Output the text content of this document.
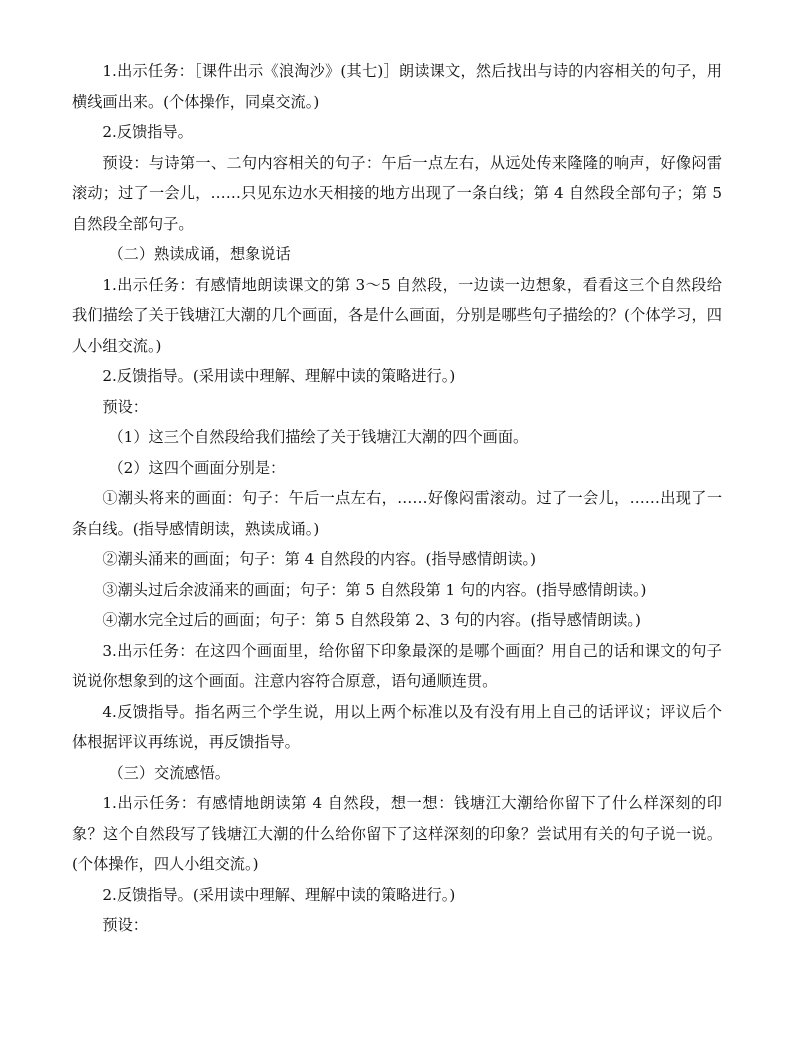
1.出示任务：［课件出示《浪淘沙》(其七)］朗读课文，然后找出与诗的内容相关的句子，用横线画出来。(个体操作，同桌交流。)

2.反馈指导。

预设：与诗第一、二句内容相关的句子：午后一点左右，从远处传来隆隆的响声，好像闷雷滚动；过了一会儿，……只见东边水天相接的地方出现了一条白线；第 4 自然段全部句子；第 5 自然段全部句子。

（二）熟读成诵，想象说话

1.出示任务：有感情地朗读课文的第 3～5 自然段，一边读一边想象，看看这三个自然段给我们描绘了关于钱塘江大潮的几个画面，各是什么画面，分别是哪些句子描绘的？(个体学习，四人小组交流。)

2.反馈指导。(采用读中理解、理解中读的策略进行。)

预设：

（1）这三个自然段给我们描绘了关于钱塘江大潮的四个画面。

（2）这四个画面分别是：

①潮头将来的画面：句子：午后一点左右，……好像闷雷滚动。过了一会儿，……出现了一条白线。(指导感情朗读，熟读成诵。)

②潮头涌来的画面；句子：第 4 自然段的内容。(指导感情朗读。)

③潮头过后余波涌来的画面；句子：第 5 自然段第 1 句的内容。(指导感情朗读。)

④潮水完全过后的画面；句子：第 5 自然段第 2、3 句的内容。(指导感情朗读。)

3.出示任务：在这四个画面里，给你留下印象最深的是哪个画面？用自己的话和课文的句子说说你想象到的这个画面。注意内容符合原意，语句通顺连贯。

4.反馈指导。指名两三个学生说，用以上两个标准以及有没有用上自己的话评议；评议后个体根据评议再练说，再反馈指导。

（三）交流感悟。

1.出示任务：有感情地朗读第 4 自然段，想一想：钱塘江大潮给你留下了什么样深刻的印象？这个自然段写了钱塘江大潮的什么给你留下了这样深刻的印象？尝试用有关的句子说一说。(个体操作，四人小组交流。)

2.反馈指导。(采用读中理解、理解中读的策略进行。)

预设：
